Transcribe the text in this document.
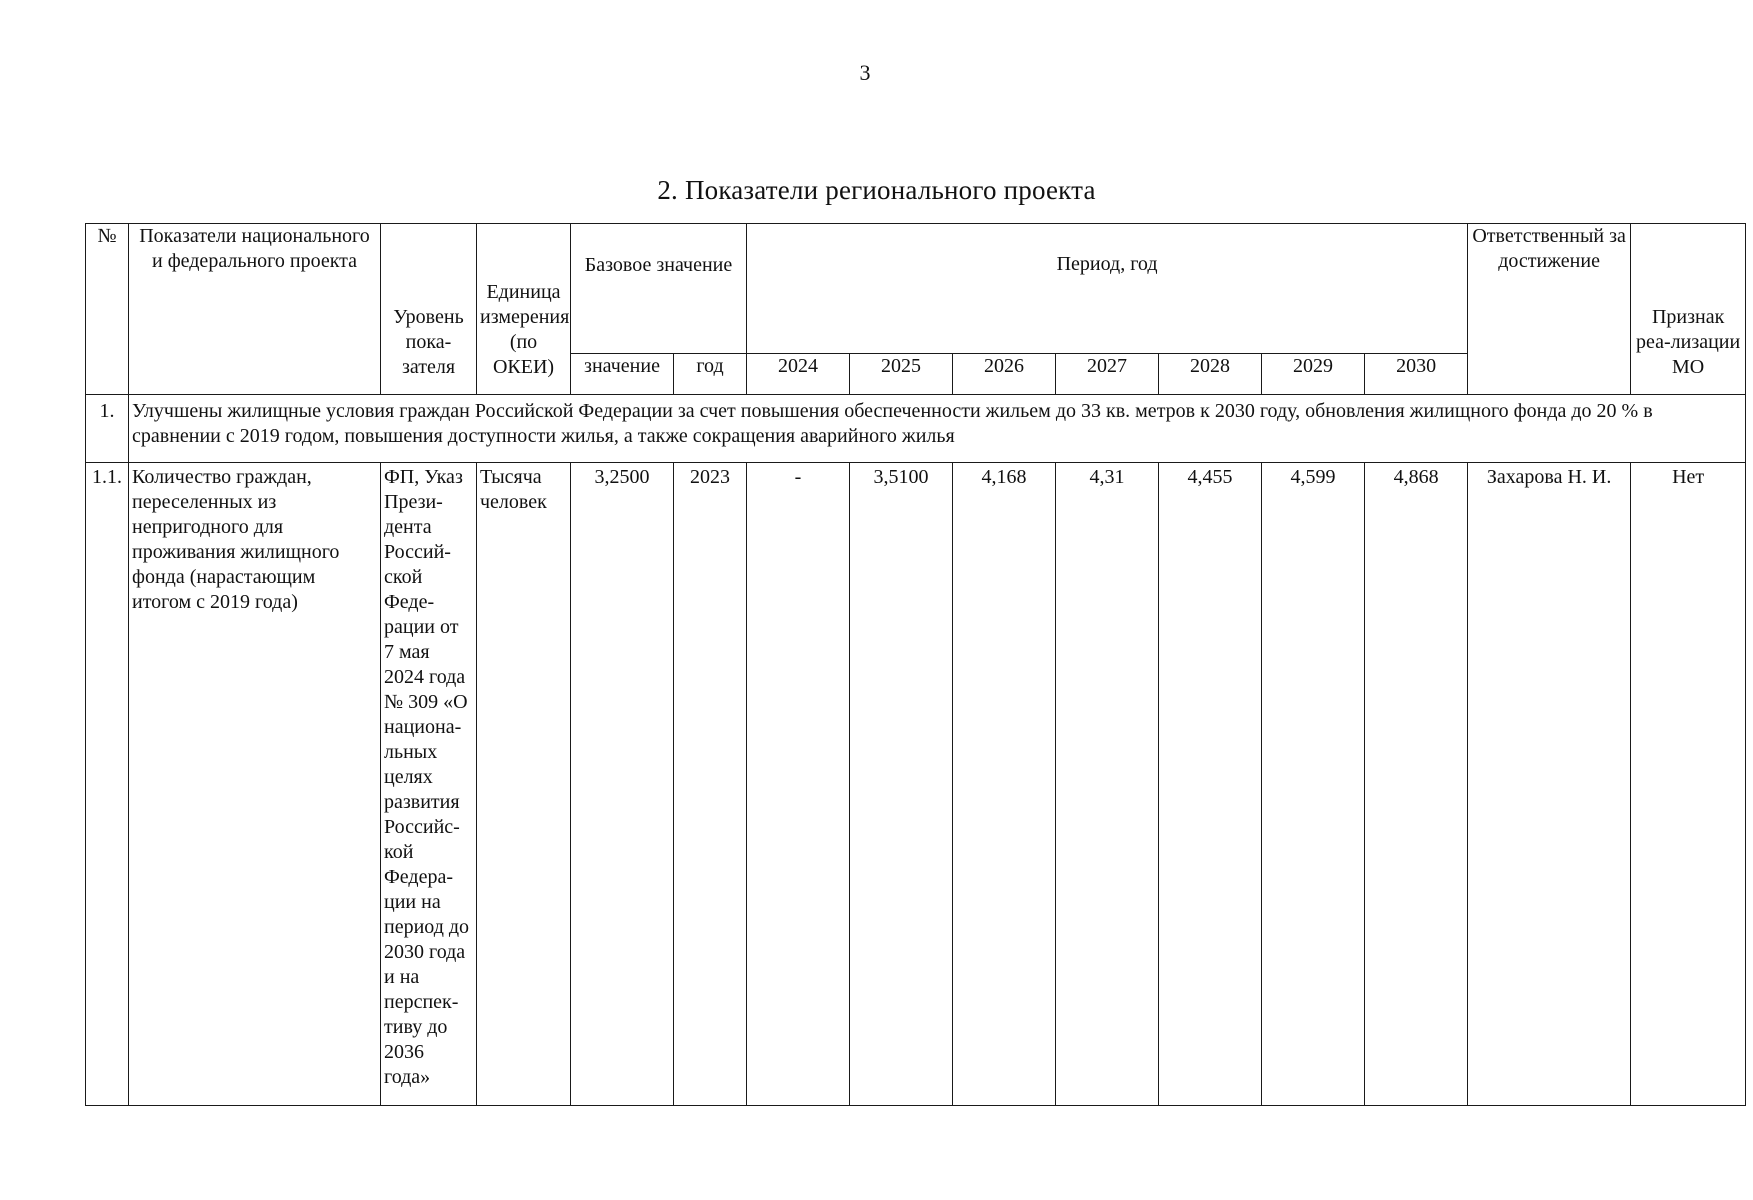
3
2. Показатели регионального проекта
№	Показатели национального и федерального проекта	Уровень пока-зателя	Единица измерения (по ОКЕИ)	Базовое значение		Период, год							Ответственный за достижение	Признак реа-лизации МО
				значение	год	2024	2025	2026	2027	2028	2029	2030		
1.	Улучшены жилищные условия граждан Российской Федерации за счет повышения обеспеченности жильем до 33 кв. метров к 2030 году, обновления жилищного фонда до 20 % в сравнении с 2019 годом, повышения доступности жилья, а также сокращения аварийного жилья													
1.1.	Количество граждан, переселенных из непригодного для проживания жилищного фонда (нарастающим итогом с 2019 года)	ФП, Указ Прези-дента Россий-ской Феде-рации от 7 мая 2024 года № 309 «О национа-льных целях развития Российс-кой Федера-ции на период до 2030 года и на перспек-тиву до 2036 года»	Тысяча человек	3,2500	2023	-	3,5100	4,168	4,31	4,455	4,599	4,868	Захарова Н. И.	Нет
